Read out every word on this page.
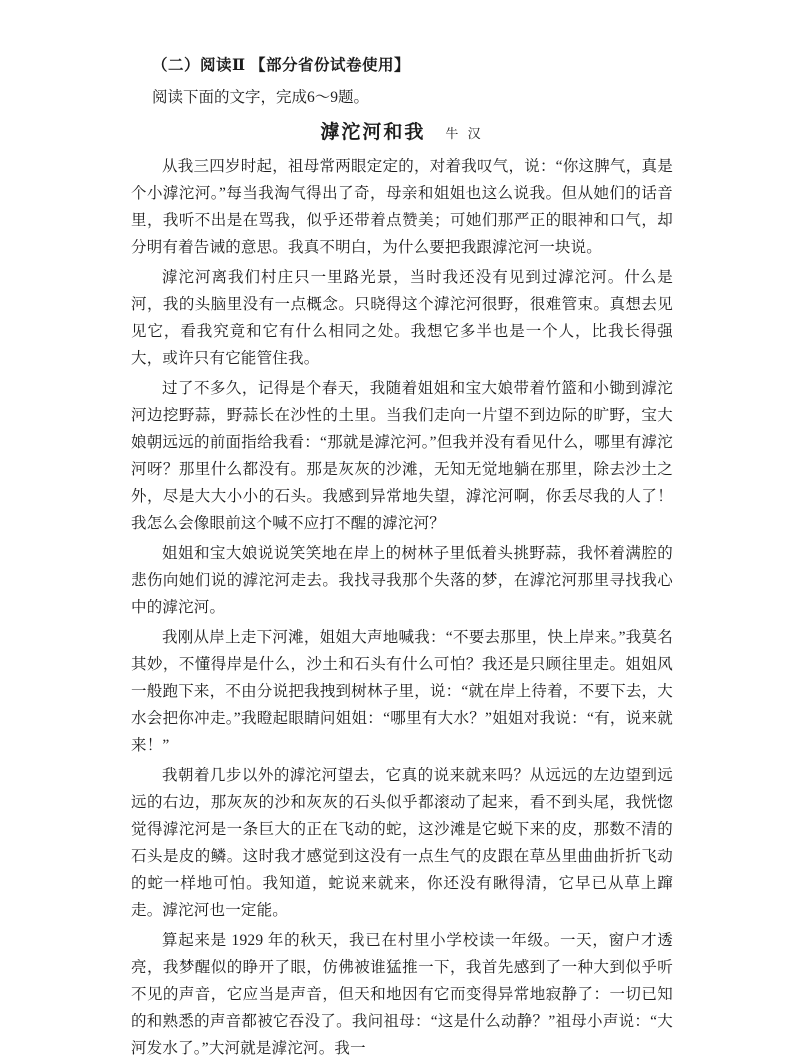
（二）阅读Ⅱ 【部分省份试卷使用】
阅读下面的文字，完成6～9题。
滹沱河和我 牛 汉

从我三四岁时起，祖母常两眼定定的，对着我叹气，说：“你这脾气，真是个小滹沱河。”每当我淘气得出了奇，母亲和姐姐也这么说我。但从她们的话音里，我听不出是在骂我，似乎还带着点赞美；可她们那严正的眼神和口气，却分明有着告诫的意思。我真不明白，为什么要把我跟滹沱河一块说。

滹沱河离我们村庄只一里路光景，当时我还没有见到过滹沱河。什么是河，我的头脑里没有一点概念。只晓得这个滹沱河很野，很难管束。真想去见见它，看我究竟和它有什么相同之处。我想它多半也是一个人，比我长得强大，或许只有它能管住我。

过了不多久，记得是个春天，我随着姐姐和宝大娘带着竹篮和小锄到滹沱河边挖野蒜，野蒜长在沙性的土里。当我们走向一片望不到边际的旷野，宝大娘朝远远的前面指给我看：“那就是滹沱河。”但我并没有看见什么，哪里有滹沱河呀？那里什么都没有。那是灰灰的沙滩，无知无觉地躺在那里，除去沙土之外，尽是大大小小的石头。我感到异常地失望，滹沱河啊，你丢尽我的人了！我怎么会像眼前这个喊不应打不醒的滹沱河？

姐姐和宝大娘说说笑笑地在岸上的树林子里低着头挑野蒜，我怀着满腔的悲伤向她们说的滹沱河走去。我找寻我那个失落的梦，在滹沱河那里寻找我心中的滹沱河。

我刚从岸上走下河滩，姐姐大声地喊我：“不要去那里，快上岸来。”我莫名其妙，不懂得岸是什么，沙土和石头有什么可怕？我还是只顾往里走。姐姐风一般跑下来，不由分说把我拽到树林子里，说：“就在岸上待着，不要下去，大水会把你冲走。”我瞪起眼睛问姐姐：“哪里有大水？”姐姐对我说：“有，说来就来！”

我朝着几步以外的滹沱河望去，它真的说来就来吗？从远远的左边望到远远的右边，那灰灰的沙和灰灰的石头似乎都滚动了起来，看不到头尾，我恍惚觉得滹沱河是一条巨大的正在飞动的蛇，这沙滩是它蜕下来的皮，那数不清的石头是皮的鳞。这时我才感觉到这没有一点生气的皮跟在草丛里曲曲折折飞动的蛇一样地可怕。我知道，蛇说来就来，你还没有瞅得清，它早已从草上蹿走。滹沱河也一定能。

算起来是 1929 年的秋天，我已在村里小学校读一年级。一天，窗户才透亮，我梦醒似的睁开了眼，仿佛被谁猛推一下，我首先感到了一种大到似乎听不见的声音，它应当是声音，但天和地因有它而变得异常地寂静了：一切已知的和熟悉的声音都被它吞没了。我问祖母：“这是什么动静？”祖母小声说：“大河发水了。”大河就是滹沱河。我一
